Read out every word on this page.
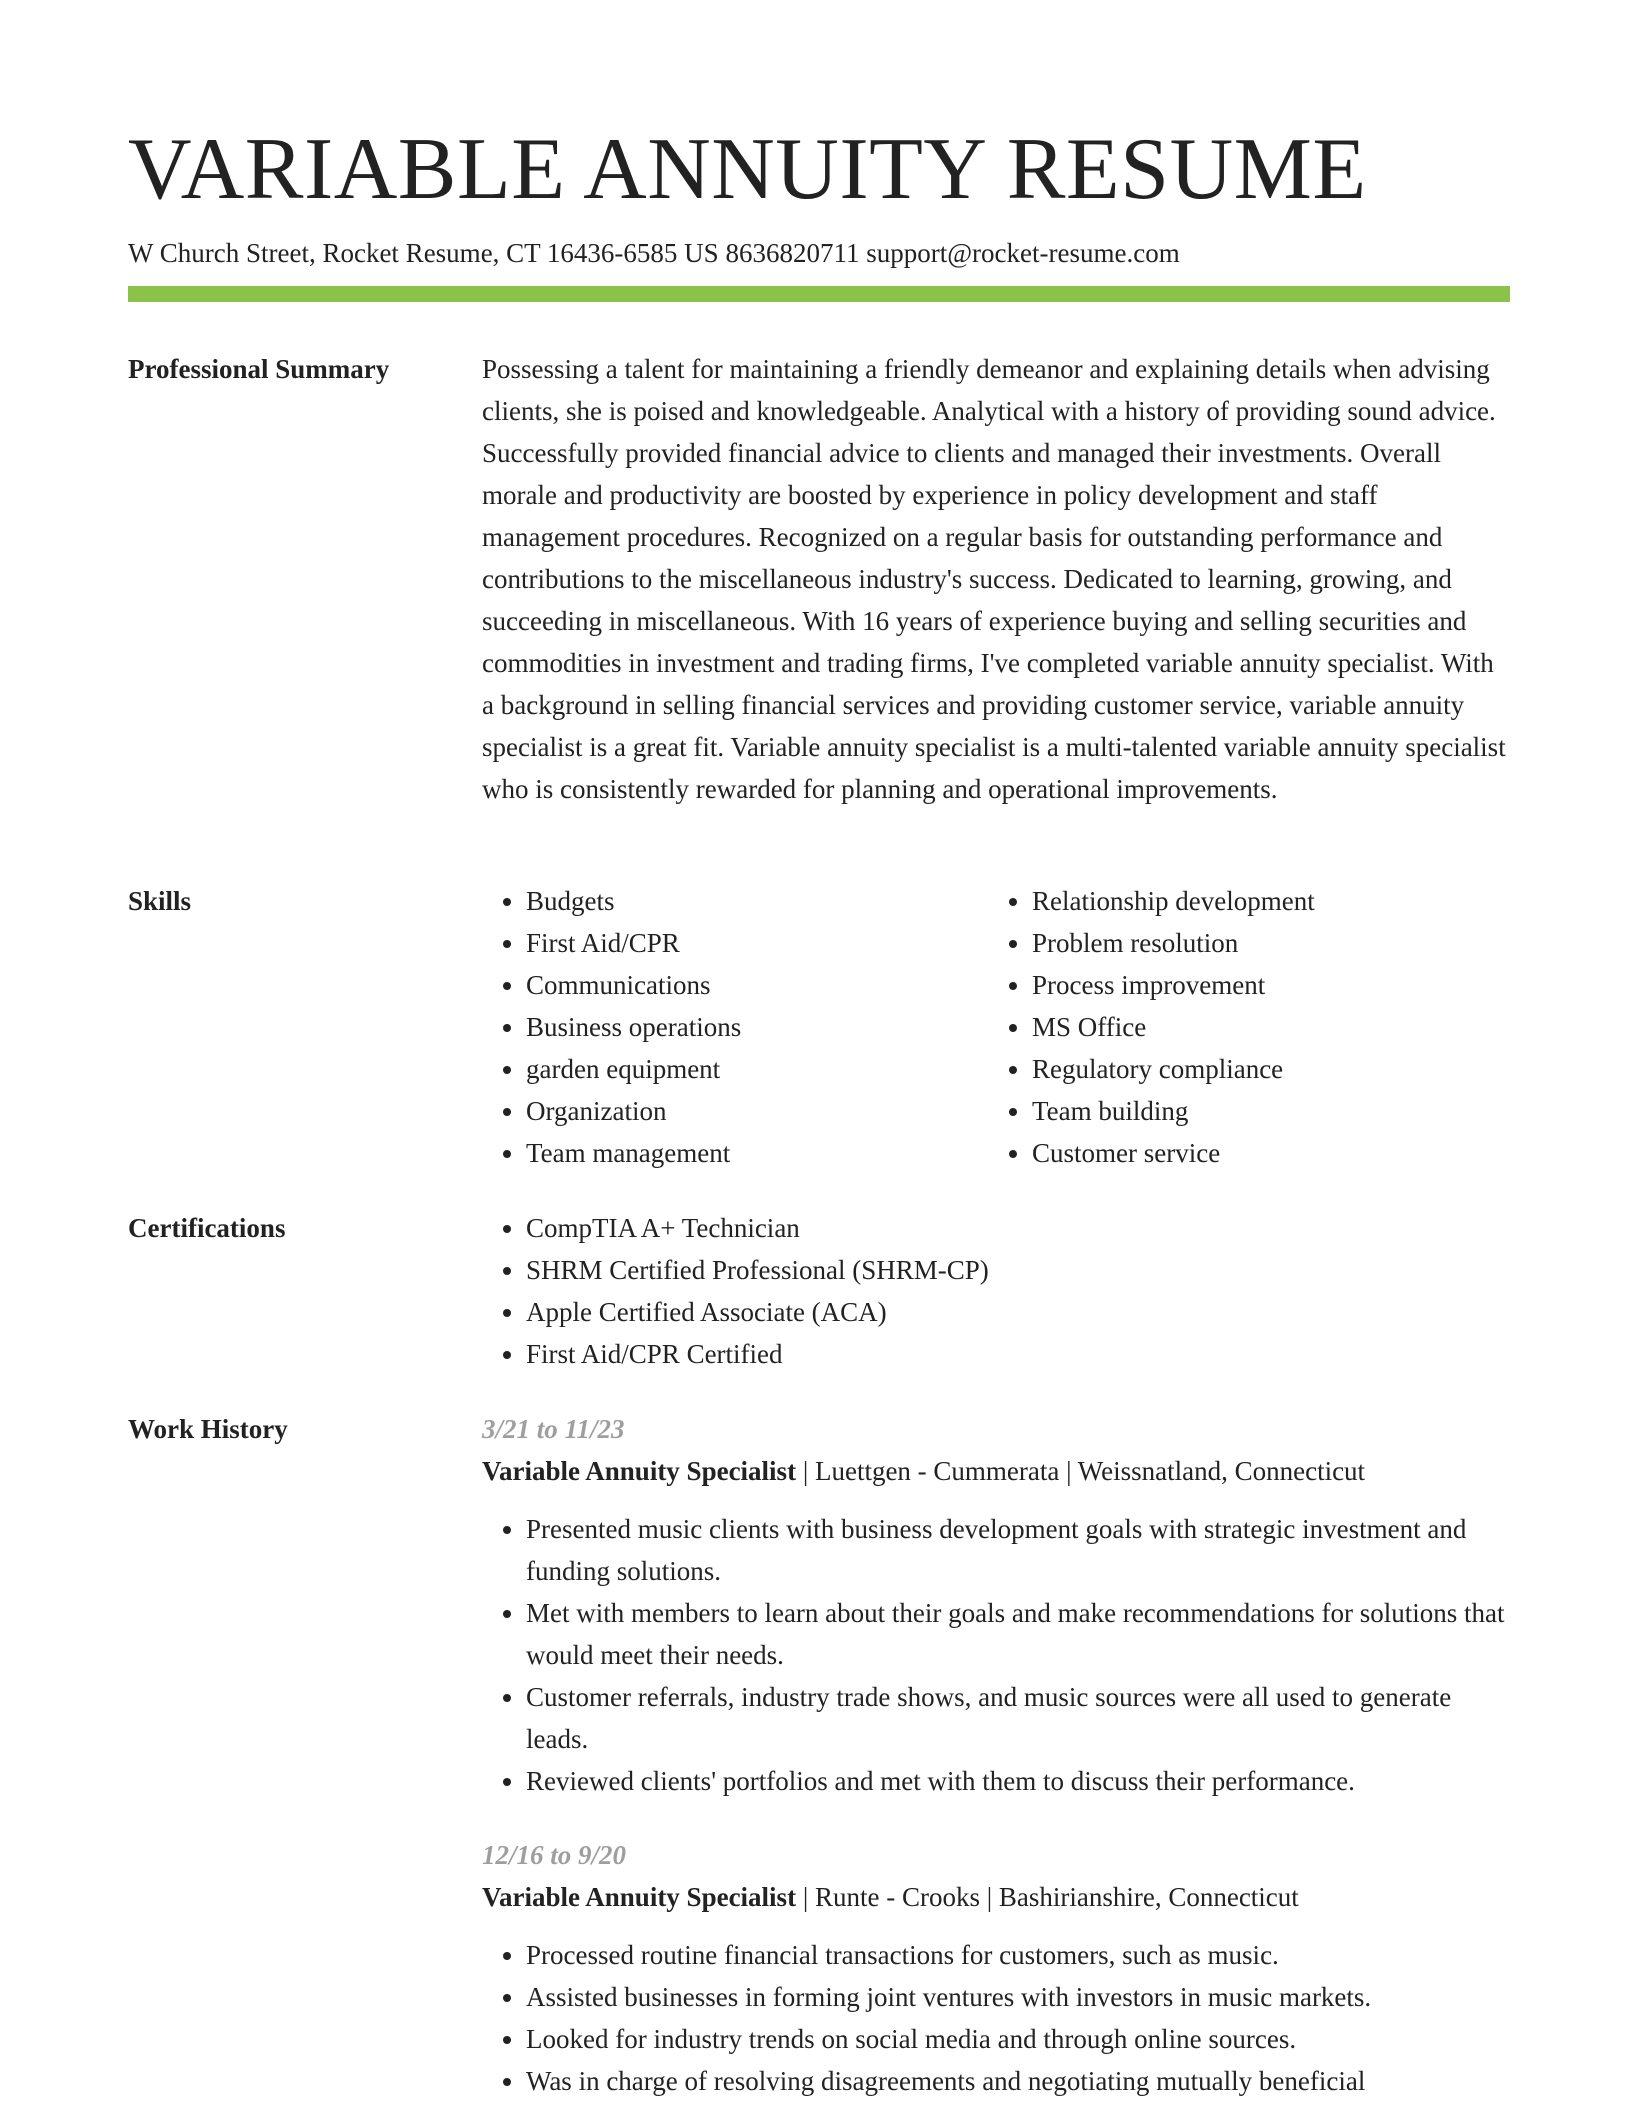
VARIABLE ANNUITY RESUME
W Church Street, Rocket Resume, CT 16436-6585 US 8636820711 support@rocket-resume.com
Professional Summary	Possessing a talent for maintaining a friendly demeanor and explaining details when advising clients, she is poised and knowledgeable. Analytical with a history of providing sound advice. Successfully provided financial advice to clients and managed their investments. Overall morale and productivity are boosted by experience in policy development and staff management procedures. Recognized on a regular basis for outstanding performance and contributions to the miscellaneous industry's success. Dedicated to learning, growing, and succeeding in miscellaneous. With 16 years of experience buying and selling securities and commodities in investment and trading firms, I've completed variable annuity specialist. With a background in selling financial services and providing customer service, variable annuity specialist is a great fit. Variable annuity specialist is a multi-talented variable annuity specialist who is consistently rewarded for planning and operational improvements.

Skills	• Budgets
• First Aid/CPR
• Communications
• Business operations
• garden equipment
• Organization
• Team management
• Relationship development
• Problem resolution
• Process improvement
• MS Office
• Regulatory compliance
• Team building
• Customer service
Certifications	• CompTIA A+ Technician
• SHRM Certified Professional (SHRM-CP)
• Apple Certified Associate (ACA)
• First Aid/CPR Certified
Work History	3/21 to 11/23
Variable Annuity Specialist | Luettgen - Cummerata | Weissnatland, Connecticut
• Presented music clients with business development goals with strategic investment and funding solutions.
• Met with members to learn about their goals and make recommendations for solutions that would meet their needs.
• Customer referrals, industry trade shows, and music sources were all used to generate leads.
• Reviewed clients' portfolios and met with them to discuss their performance.
12/16 to 9/20
Variable Annuity Specialist | Runte - Crooks | Bashirianshire, Connecticut
• Processed routine financial transactions for customers, such as music.
• Assisted businesses in forming joint ventures with investors in music markets.
• Looked for industry trends on social media and through online sources.
• Was in charge of resolving disagreements and negotiating mutually beneficial
